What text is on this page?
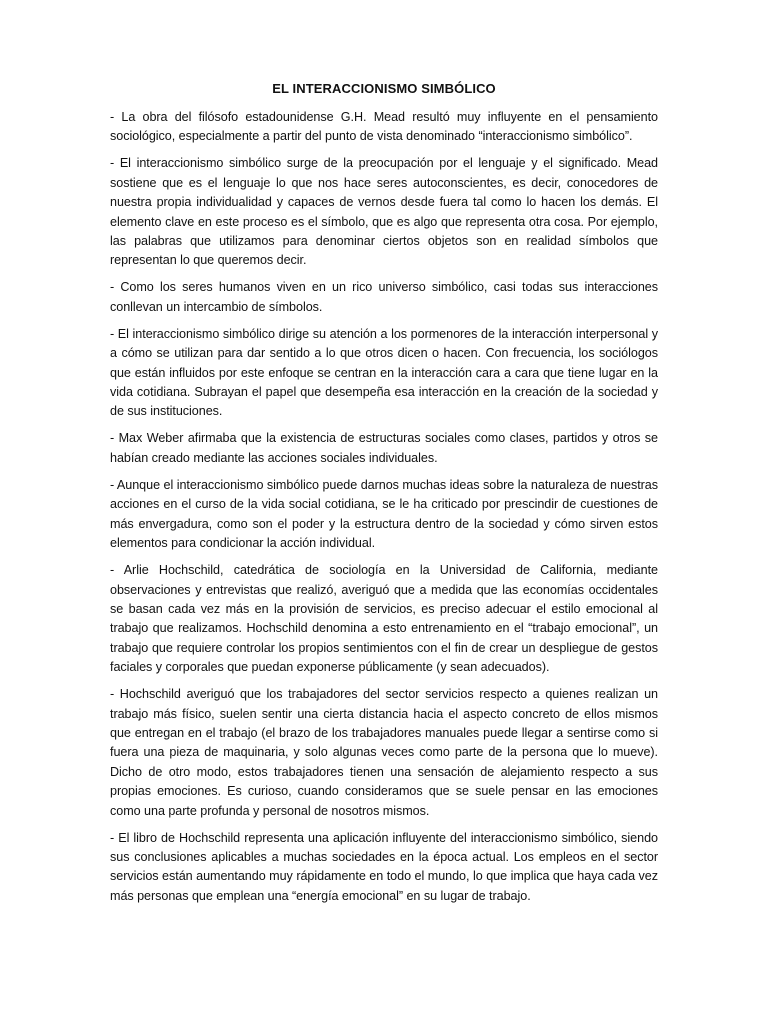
EL INTERACCIONISMO SIMBÓLICO

- La obra del filósofo estadounidense G.H. Mead resultó muy influyente en el pensamiento sociológico, especialmente a partir del punto de vista denominado “interaccionismo simbólico”.

- El interaccionismo simbólico surge de la preocupación por el lenguaje y el significado. Mead sostiene que es el lenguaje lo que nos hace seres autoconscientes, es decir, conocedores de nuestra propia individualidad y capaces de vernos desde fuera tal como lo hacen los demás. El elemento clave en este proceso es el símbolo, que es algo que representa otra cosa. Por ejemplo, las palabras que utilizamos para denominar ciertos objetos son en realidad símbolos que representan lo que queremos decir.

- Como los seres humanos viven en un rico universo simbólico, casi todas sus interacciones conllevan un intercambio de símbolos.

- El interaccionismo simbólico dirige su atención a los pormenores de la interacción interpersonal y a cómo se utilizan para dar sentido a lo que otros dicen o hacen. Con frecuencia, los sociólogos que están influidos por este enfoque se centran en la interacción cara a cara que tiene lugar en la vida cotidiana. Subrayan el papel que desempeña esa interacción en la creación de la sociedad y de sus instituciones.

- Max Weber afirmaba que la existencia de estructuras sociales como clases, partidos y otros se habían creado mediante las acciones sociales individuales.

- Aunque el interaccionismo simbólico puede darnos muchas ideas sobre la naturaleza de nuestras acciones en el curso de la vida social cotidiana, se le ha criticado por prescindir de cuestiones de más envergadura, como son el poder y la estructura dentro de la sociedad y cómo sirven estos elementos para condicionar la acción individual.

- Arlie Hochschild, catedrática de sociología en la Universidad de California, mediante observaciones y entrevistas que realizó, averiguó que a medida que las economías occidentales se basan cada vez más en la provisión de servicios, es preciso adecuar el estilo emocional al trabajo que realizamos. Hochschild denomina a esto entrenamiento en el “trabajo emocional”, un trabajo que requiere controlar los propios sentimientos con el fin de crear un despliegue de gestos faciales y corporales que puedan exponerse públicamente (y sean adecuados).

- Hochschild averiguó que los trabajadores del sector servicios respecto a quienes realizan un trabajo más físico, suelen sentir una cierta distancia hacia el aspecto concreto de ellos mismos que entregan en el trabajo (el brazo de los trabajadores manuales puede llegar a sentirse como si fuera una pieza de maquinaria, y solo algunas veces como parte de la persona que lo mueve). Dicho de otro modo, estos trabajadores tienen una sensación de alejamiento respecto a sus propias emociones. Es curioso, cuando consideramos que se suele pensar en las emociones como una parte profunda y personal de nosotros mismos.

- El libro de Hochschild representa una aplicación influyente del interaccionismo simbólico, siendo sus conclusiones aplicables a muchas sociedades en la época actual. Los empleos en el sector servicios están aumentando muy rápidamente en todo el mundo, lo que implica que haya cada vez más personas que emplean una “energía emocional” en su lugar de trabajo.
